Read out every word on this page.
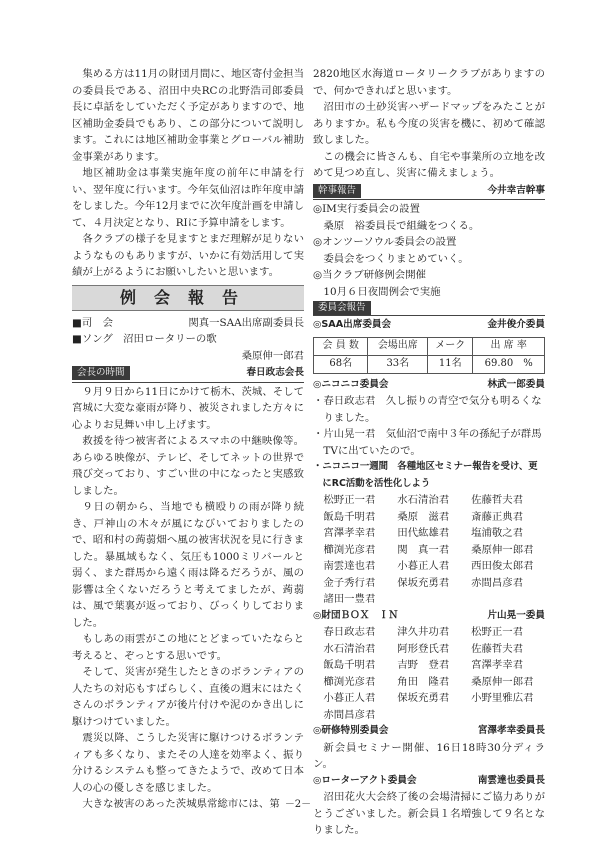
集める方は11月の財団月間に、地区寄付金担当の委員長である、沼田中央RCの北野浩司郎委員長に卓話をしていただく予定がありますので、地区補助金委員でもあり、この部分について説明します。これには地区補助金事業とグローバル補助金事業があります。

地区補助金は事業実施年度の前年に申請を行い、翌年度に行います。今年気仙沼は昨年度申請をしました。今年12月までに次年度計画を申請して、４月決定となり、RIに予算申請をします。

各クラブの様子を見ますとまだ理解が足りないようなものもありますが、いかに有効活用して実績が上がるようにお願いしたいと思います。

例会報告
■司　会	関真一SAA出席副委員長
■ソング　沼田ロータリーの歌
桑原伸一郎君
会長の時間	春日政志会長

９月９日から11日にかけて栃木、茨城、そして宮城に大変な豪雨が降り、被災されました方々に心よりお見舞い申し上げます。

救援を待つ被害者によるスマホの中継映像等。あらゆる映像が、テレビ、そしてネットの世界で飛び交っており、すごい世の中になったと実感致しました。

９日の朝から、当地でも横殴りの雨が降り続き、戸神山の木々が風になびいておりましたので、昭和村の蒟蒻畑へ風の被害状況を見に行きました。暴風域もなく、気圧も1000ミリバールと弱く、また群馬から遠く雨は降るだろうが、風の影響は全くないだろうと考えてましたが、蒟蒻は、風で葉裏が返っており、びっくりしておりました。

もしあの雨雲がこの地にとどまっていたならと考えると、ぞっとする思いです。

そして、災害が発生したときのボランティアの人たちの対応もすばらしく、直後の週末にはたくさんのボランティアが後片付けや泥のかき出しに駆けつけていました。

震災以降、こうした災害に駆けつけるボランティアも多くなり、またその人達を効率よく、振り分けるシステムも整ってきたようで、改めて日本人の心の優しさを感じました。

大きな被害のあった茨城県常総市には、第

2820地区水海道ロータリークラブがありますので、何かできればと思います。

沼田市の土砂災害ハザードマップをみたことがありますか。私も今度の災害を機に、初めて確認致しました。

この機会に皆さんも、自宅や事業所の立地を改めて見つめ直し、災害に備えましょう。

幹事報告	今井幸吉幹事
◎IM実行委員会の設置
桑原　裕委員長で組織をつくる。
◎オンツーソウル委員会の設置
委員会をつくりまとめていく。
◎当クラブ研修例会開催
10月６日夜間例会で実施
委員会報告
◎SAA出席委員会	金井俊介委員
会 員 数	会場出席	メーク	出 席 率
68名	33名	11名	69.80　%
◎ニコニコ委員会	林武一郎委員
・春日政志君　久し振りの青空で気分も明るくなりました。
・片山晃一君　気仙沼で南中３年の孫紀子が群馬TVに出ていたので。
・ニコニコ一週間　各種地区セミナー報告を受け、更にRC活動を活性化しよう
松野正一君	水石清治君	佐藤哲夫君
飯島千明君	桑原　滋君	斎藤正典君
宮澤孝幸君	田代紘雄君	塩浦敬之君
櫛渕光彦君	関　真一君	桑原伸一郎君
南雲達也君	小暮正人君	西田俊太郎君
金子秀行君	保坂充勇君	赤間昌彦君
諸田一豊君
◎財団ＢＯＸ　ＩＮ	片山晃一委員
春日政志君	津久井功君	松野正一君
水石清治君	阿形登氏君	佐藤哲夫君
飯島千明君	吉野　登君	宮澤孝幸君
櫛渕光彦君	角田　隆君	桑原伸一郎君
小暮正人君	保坂充勇君	小野里雅広君
赤間昌彦君
◎研修特別委員会	宮澤孝幸委員長

新会員セミナー開催、16日18時30分ディラン。

◎ローターアクト委員会	南雲達也委員長

沼田花火大会終了後の会場清掃にご協力ありがとうございました。新会員１名増強して９名となりました。

－2－
